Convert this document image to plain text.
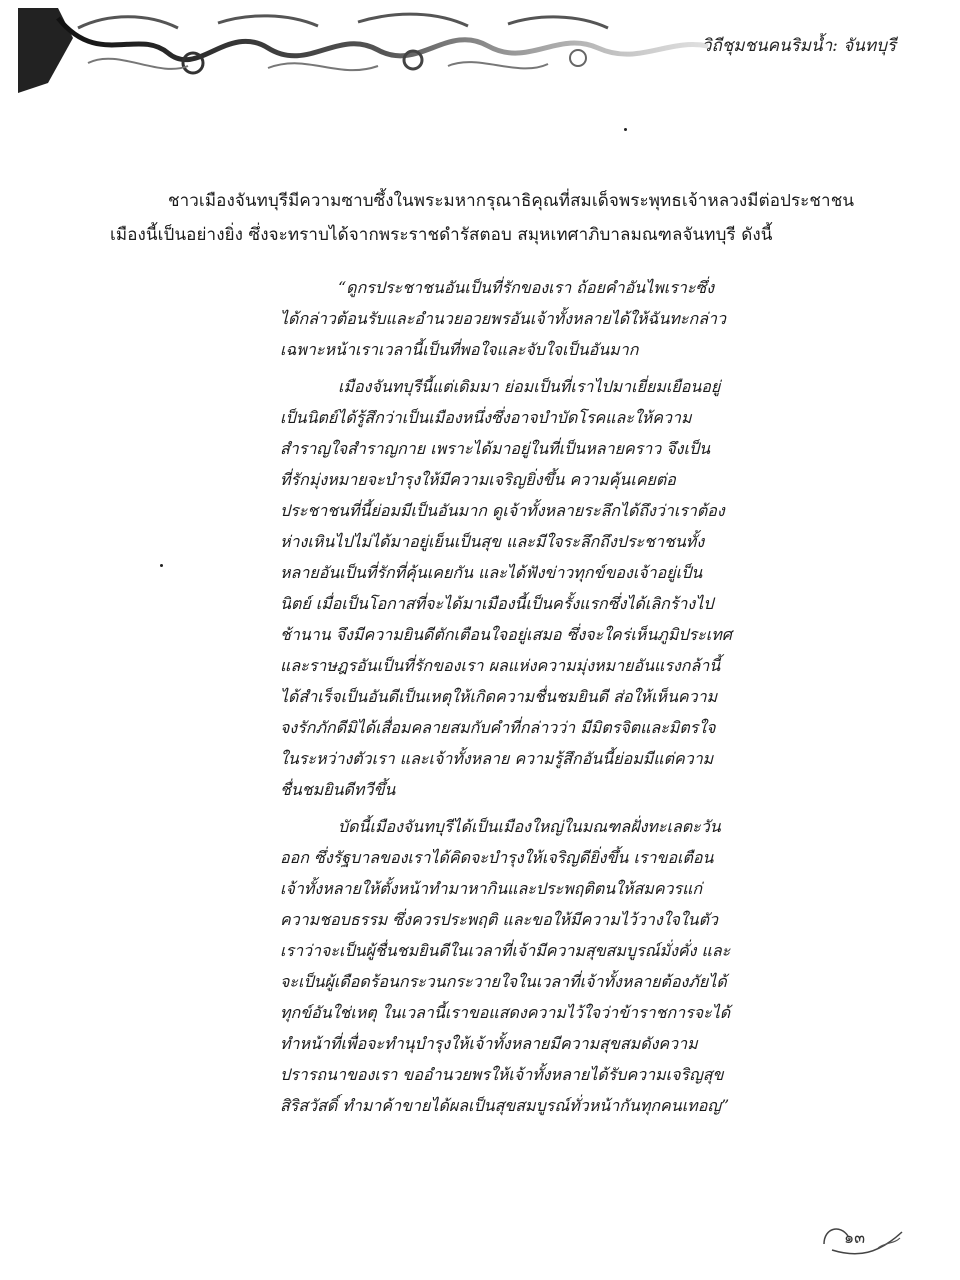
วิถีชุมชนคนริมน้ำ: จันทบุรี

ชาวเมืองจันทบุรีมีความซาบซึ้งในพระมหากรุณาธิคุณที่สมเด็จพระพุทธเจ้าหลวงมีต่อประชาชนเมืองนี้เป็นอย่างยิ่ง ซึ่งจะทราบได้จากพระราชดำรัสตอบ สมุหเทศาภิบาลมณฑลจันทบุรี ดังนี้

“ดูกรประชาชนอันเป็นที่รักของเรา ถ้อยคำอันไพเราะซึ่งได้กล่าวต้อนรับและอำนวยอวยพรอันเจ้าทั้งหลายได้ให้ฉันทะกล่าวเฉพาะหน้าเราเวลานี้เป็นที่พอใจและจับใจเป็นอันมาก

เมืองจันทบุรีนี้แต่เดิมมา ย่อมเป็นที่เราไปมาเยี่ยมเยือนอยู่เป็นนิตย์ได้รู้สึกว่าเป็นเมืองหนึ่งซึ่งอาจบำบัดโรคและให้ความสำราญใจสำราญกาย เพราะได้มาอยู่ในที่เป็นหลายคราว จึงเป็นที่รักมุ่งหมายจะบำรุงให้มีความเจริญยิ่งขึ้น ความคุ้นเคยต่อประชาชนที่นี้ย่อมมีเป็นอันมาก ดูเจ้าทั้งหลายระลึกได้ถึงว่าเราต้องห่างเหินไปไม่ได้มาอยู่เย็นเป็นสุข และมีใจระลึกถึงประชาชนทั้งหลายอันเป็นที่รักที่คุ้นเคยกัน และได้ฟังข่าวทุกข์ของเจ้าอยู่เป็นนิตย์ เมื่อเป็นโอกาสที่จะได้มาเมืองนี้เป็นครั้งแรกซึ่งได้เลิกร้างไปช้านาน จึงมีความยินดีตักเตือนใจอยู่เสมอ ซึ่งจะใคร่เห็นภูมิประเทศและราษฎรอันเป็นที่รักของเรา ผลแห่งความมุ่งหมายอันแรงกล้านี้ได้สำเร็จเป็นอันดีเป็นเหตุให้เกิดความชื่นชมยินดี ส่อให้เห็นความจงรักภักดีมิได้เสื่อมคลายสมกับคำที่กล่าวว่า มีมิตรจิตและมิตรใจในระหว่างตัวเรา และเจ้าทั้งหลาย ความรู้สึกอันนี้ย่อมมีแต่ความชื่นชมยินดีทวีขึ้น

บัดนี้เมืองจันทบุรีได้เป็นเมืองใหญ่ในมณฑลฝั่งทะเลตะวันออก ซึ่งรัฐบาลของเราได้คิดจะบำรุงให้เจริญดียิ่งขึ้น เราขอเตือนเจ้าทั้งหลายให้ตั้งหน้าทำมาหากินและประพฤติตนให้สมควรแก่ความชอบธรรม ซึ่งควรประพฤติ และขอให้มีความไว้วางใจในตัวเราว่าจะเป็นผู้ชื่นชมยินดีในเวลาที่เจ้ามีความสุขสมบูรณ์มั่งคั่ง และ จะเป็นผู้เดือดร้อนกระวนกระวายใจในเวลาที่เจ้าทั้งหลายต้องภัยได้ทุกข์อันใช่เหตุ ในเวลานี้เราขอแสดงความไว้ใจว่าข้าราชการจะได้ทำหน้าที่เพื่อจะทำนุบำรุงให้เจ้าทั้งหลายมีความสุขสมดังความปรารถนาของเรา ขออำนวยพรให้เจ้าทั้งหลายได้รับความเจริญสุขสิริสวัสดิ์ ทำมาค้าขายได้ผลเป็นสุขสมบูรณ์ทั่วหน้ากันทุกคนเทอญ”

๑๓
